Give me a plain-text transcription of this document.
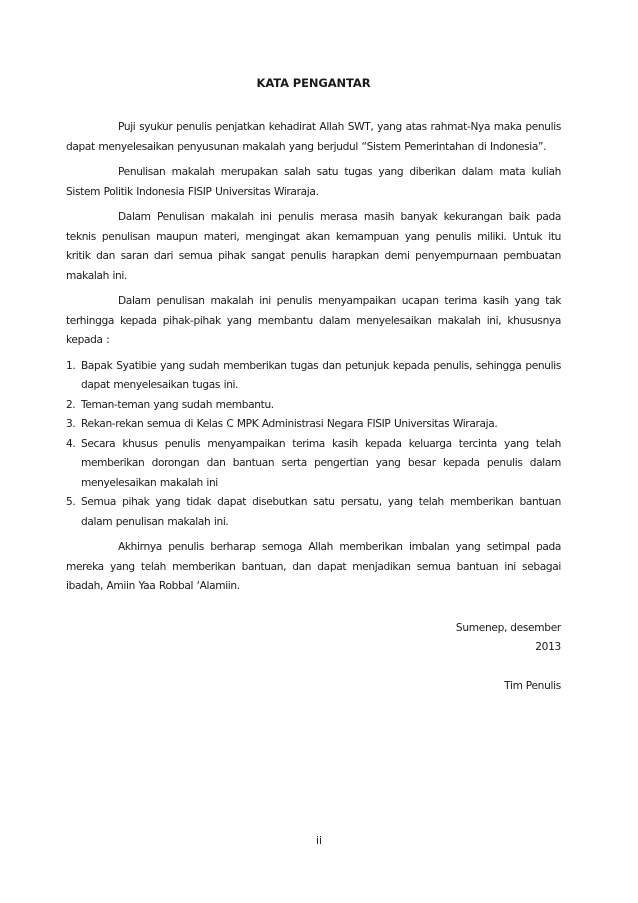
KATA PENGANTAR

Puji syukur penulis penjatkan kehadirat Allah SWT, yang atas rahmat-Nya maka penulis dapat menyelesaikan penyusunan makalah yang berjudul “Sistem Pemerintahan di Indonesia”.

Penulisan makalah merupakan salah satu tugas yang diberikan dalam mata kuliah Sistem Politik Indonesia FISIP Universitas Wiraraja.

Dalam Penulisan makalah ini penulis merasa masih banyak kekurangan baik pada teknis penulisan maupun materi, mengingat akan kemampuan yang penulis miliki. Untuk itu kritik dan saran dari semua pihak sangat penulis harapkan demi penyempurnaan pembuatan makalah ini.

Dalam penulisan makalah ini penulis menyampaikan ucapan terima kasih yang tak terhingga kepada pihak-pihak yang membantu dalam menyelesaikan makalah ini, khususnya kepada :

1. Bapak Syatibie yang sudah memberikan tugas dan petunjuk kepada penulis, sehingga penulis dapat menyelesaikan tugas ini.
2. Teman-teman yang sudah membantu.
3. Rekan-rekan semua di Kelas C MPK Administrasi Negara FISIP Universitas Wiraraja.
4. Secara khusus penulis menyampaikan terima kasih kepada keluarga tercinta yang telah memberikan dorongan dan bantuan serta pengertian yang besar kepada penulis dalam menyelesaikan makalah ini
5. Semua pihak yang tidak dapat disebutkan satu persatu, yang telah memberikan bantuan dalam penulisan makalah ini.

Akhirnya penulis berharap semoga Allah memberikan imbalan yang setimpal pada mereka yang telah memberikan bantuan, dan dapat menjadikan semua bantuan ini sebagai ibadah, Amiin Yaa Robbal ‘Alamiin.

Sumenep, desember
2013
Tim Penulis
ii
